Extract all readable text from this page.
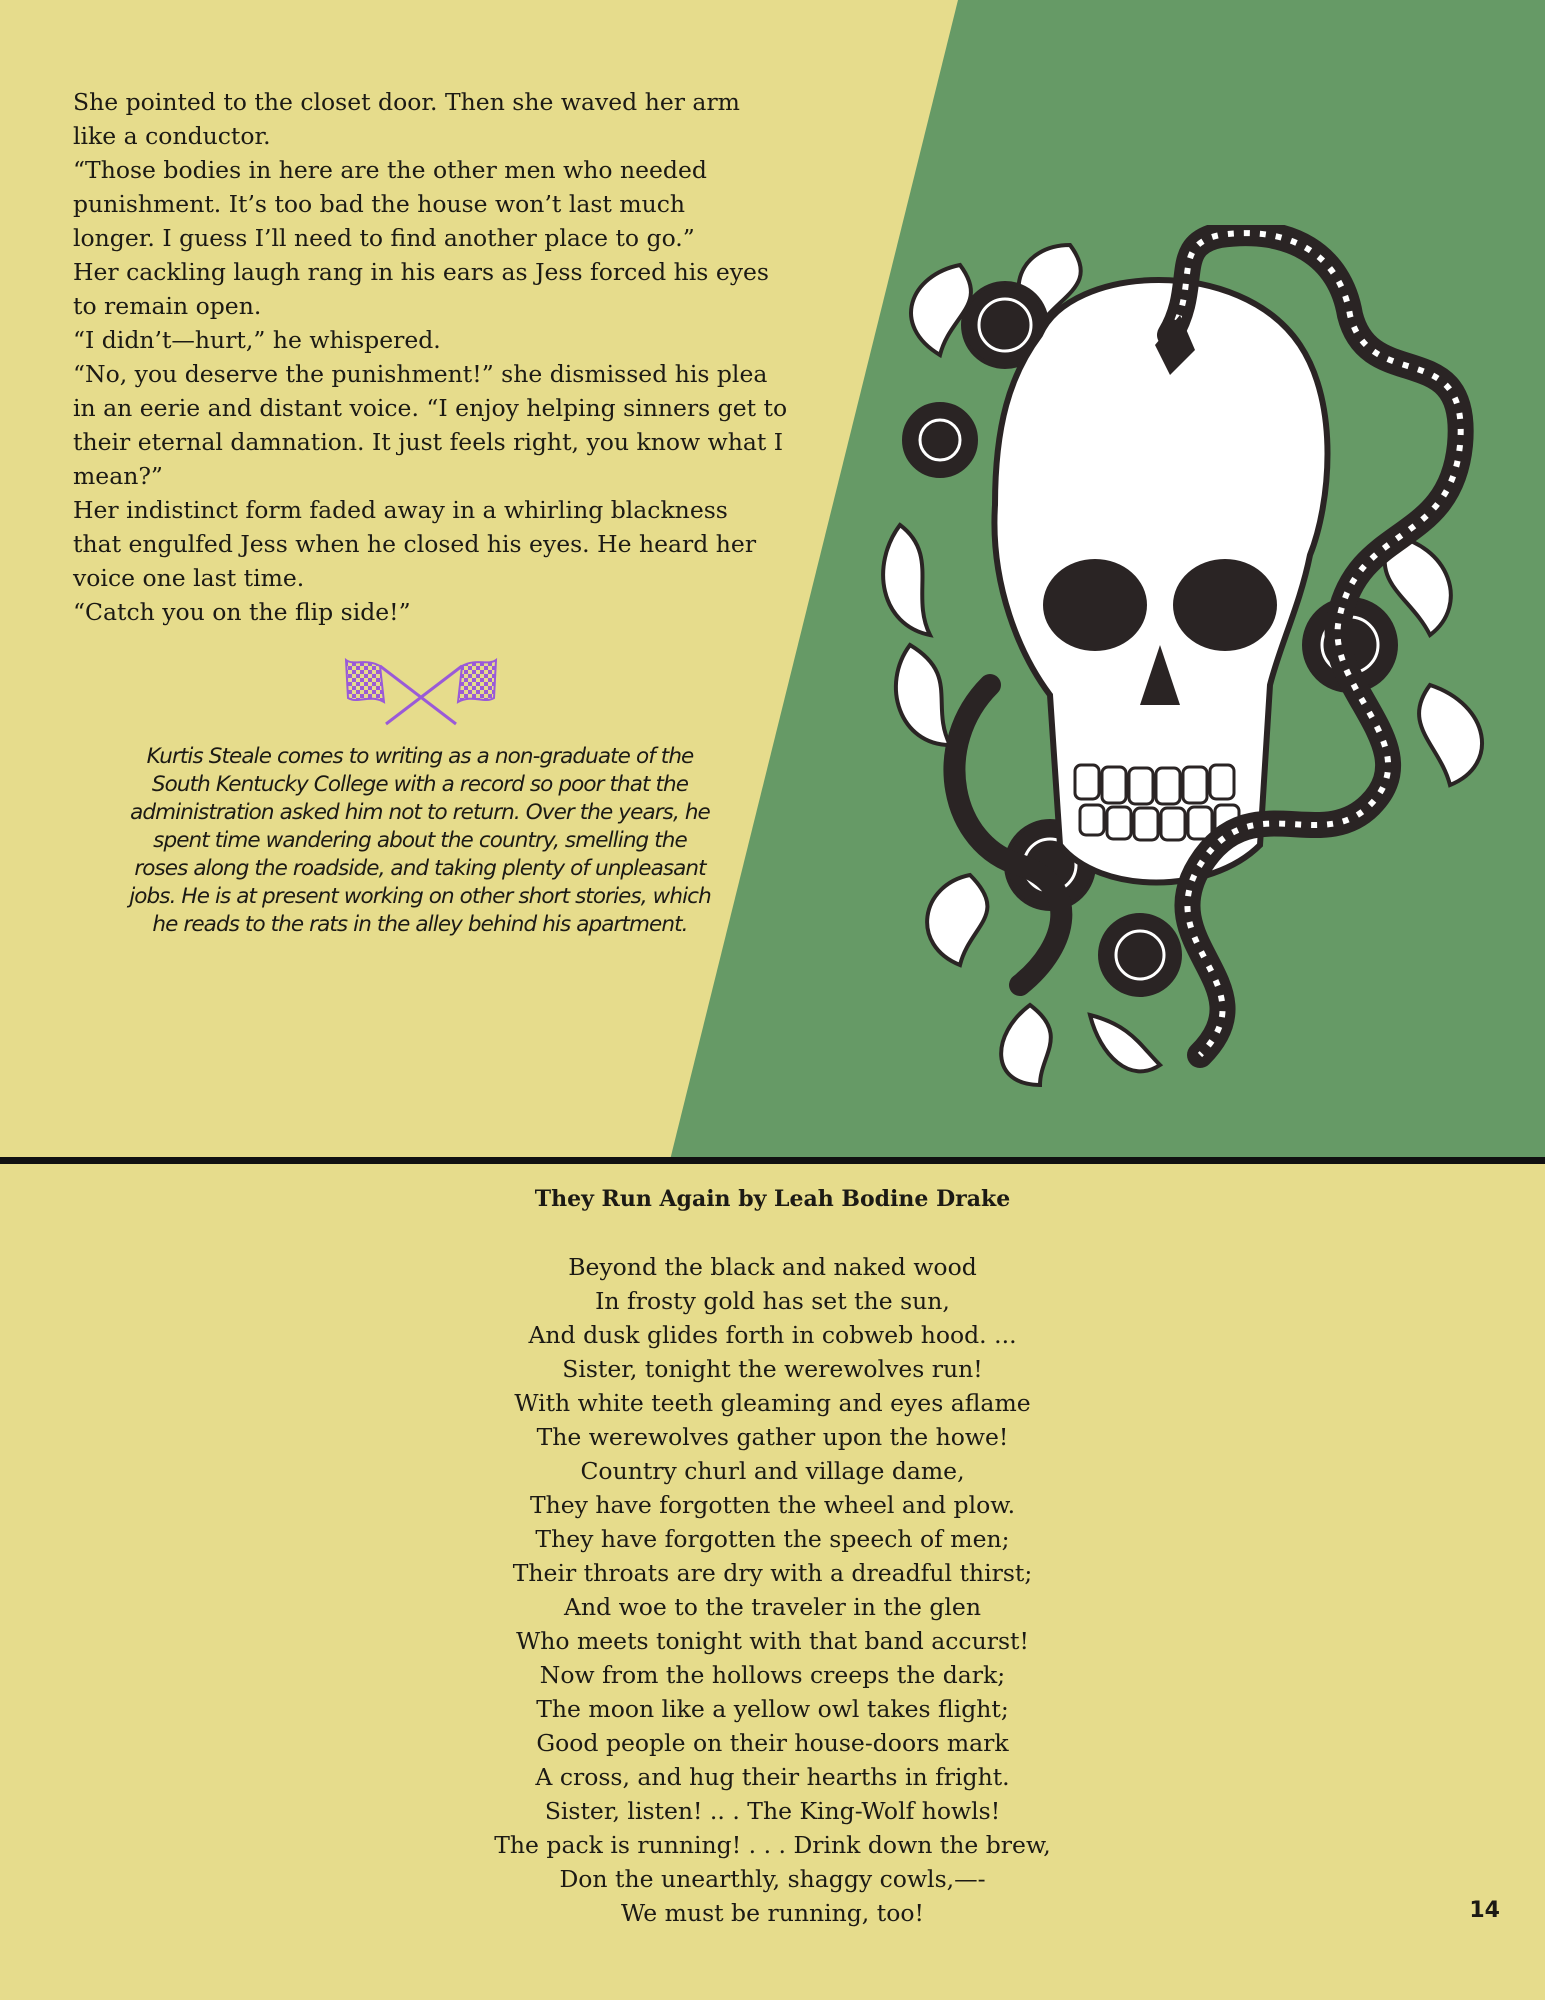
She pointed to the closet door. Then she waved her arm

like a conductor.

“Those bodies in here are the other men who needed

punishment. It’s too bad the house won’t last much

longer. I guess I’ll need to find another place to go.”

Her cackling laugh rang in his ears as Jess forced his eyes

to remain open.

“I didn’t—hurt,” he whispered.

“No, you deserve the punishment!” she dismissed his plea

in an eerie and distant voice. “I enjoy helping sinners get to

their eternal damnation. It just feels right, you know what I

mean?”

Her indistinct form faded away in a whirling blackness

that engulfed Jess when he closed his eyes. He heard her

voice one last time.

“Catch you on the flip side!”

Kurtis Steale comes to writing as a non-graduate of the

South Kentucky College with a record so poor that the

administration asked him not to return. Over the years, he

spent time wandering about the country, smelling the

roses along the roadside, and taking plenty of unpleasant

jobs. He is at present working on other short stories, which

he reads to the rats in the alley behind his apartment.

They Run Again by Leah Bodine Drake

Beyond the black and naked wood

In frosty gold has set the sun,

And dusk glides forth in cobweb hood. ...

Sister, tonight the werewolves run!

With white teeth gleaming and eyes aflame

The werewolves gather upon the howe!

Country churl and village dame,

They have forgotten the wheel and plow.

They have forgotten the speech of men;

Their throats are dry with a dreadful thirst;

And woe to the traveler in the glen

Who meets tonight with that band accurst!

Now from the hollows creeps the dark;

The moon like a yellow owl takes flight;

Good people on their house-doors mark

A cross, and hug their hearths in fright.

Sister, listen! .. . The King-Wolf howls!

The pack is running! . . . Drink down the brew,

Don the unearthly, shaggy cowls,—-

We must be running, too!	14
